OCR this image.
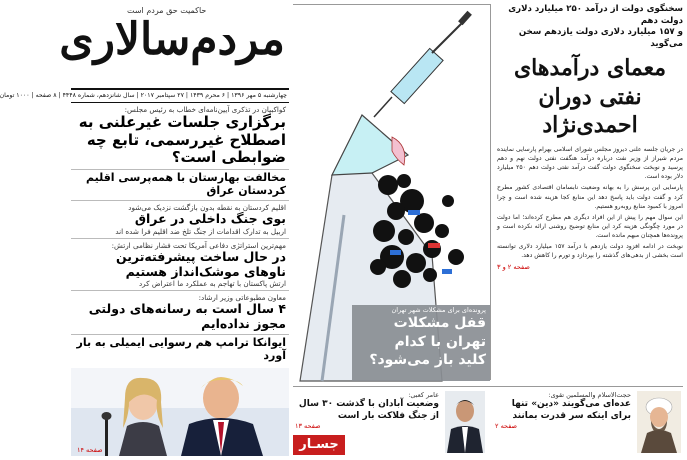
حاکمیت حق مردم است
مردم‌سالاری
چهارشنبه ۵ مهر ۱۳۹۶ | ۶ محرم ۱۴۳۹ | ۲۷ سپتامبر ۲۰۱۷ | سال شانزدهم، شماره ۴۴۴۸ | ۸ صفحه | ۱۰۰۰ تومان
کواکبیان در تذکری آیین‌نامه‌ای خطاب به رئیس مجلس:
برگزاری جلسات غیرعلنی به اصطلاح غیررسمی، تابع چه ضوابطی است؟
مخالفت بهارستان با همه‌پرسی اقلیم کردستان عراق
اقلیم کردستان به نقطه بدون بازگشت نزدیک می‌شود
بوی جنگ داخلی در عراق
اربیل به تدارک اقدامات از جنگ تلخ ضد اقلیم فرا شده اند
مهم‌ترین استراتژی دفاعی آمریکا تحت فشار نظامی ارتش:
در حال ساخت پیشرفته‌ترین ناوهای موشک‌انداز هستیم
ارتش پاکستان با تهاجم به عملکرد ما اعتراض کرد
معاون مطبوعاتی وزیر ارشاد:
۴ سال است به رسانه‌های دولتی مجوز نداده‌ایم
ایوانکا ترامپ هم رسوایی ایمیلی به بار آورد
صفحه ۱۴
پرونده‌ای برای مشکلات شهر تهران
قفل مشکلات تهران با کدام کلید باز می‌شود؟
سخنگوی دولت از درآمد ۲۵۰ میلیارد دلاری دولت دهم
و ۱۵۷ میلیارد دلاری دولت یازدهم سخن می‌گوید
معمای درآمدهای نفتی دوران احمدی‌نژاد

در جریان جلسه علنی دیروز مجلس شورای اسلامی بهرام پارسایی نماینده مردم شیراز از وزیر نفت درباره درآمد هنگفت نفتی دولت نهم و دهم پرسید و نوبخت سخنگوی دولت گفت درآمد نفتی دولت دهم ۲۵۰ میلیارد دلار بوده است.

پارسایی این پرسش را به بهانه وضعیت نابسامان اقتصادی کشور مطرح کرد و گفت دولت باید پاسخ دهد این منابع کجا هزینه شده است و چرا امروز با کمبود منابع روبه‌رو هستیم.

این سوال مهم را پیش از این افراد دیگری هم مطرح کرده‌اند؛ اما دولت در مورد چگونگی هزینه کرد این منابع توضیح روشنی ارائه نکرده است و پرونده‌ها همچنان مبهم مانده است.

نوبخت در ادامه افزود دولت یازدهم با درآمد ۱۵۷ میلیارد دلاری توانسته است بخشی از بدهی‌های گذشته را بپردازد و تورم را کاهش دهد.

صفحه ۲ و ۳
حجت‌الاسلام والمسلمین تقوی:
عده‌ای می‌گویند «دین» تنها برای اینکه سر قدرت بمانند
صفحه ۲
عامر کعبی:
وضعیت آبادان با گذشت ۳۰ سال از جنگ فلاکت بار است
صفحه ۱۳
جسـار
